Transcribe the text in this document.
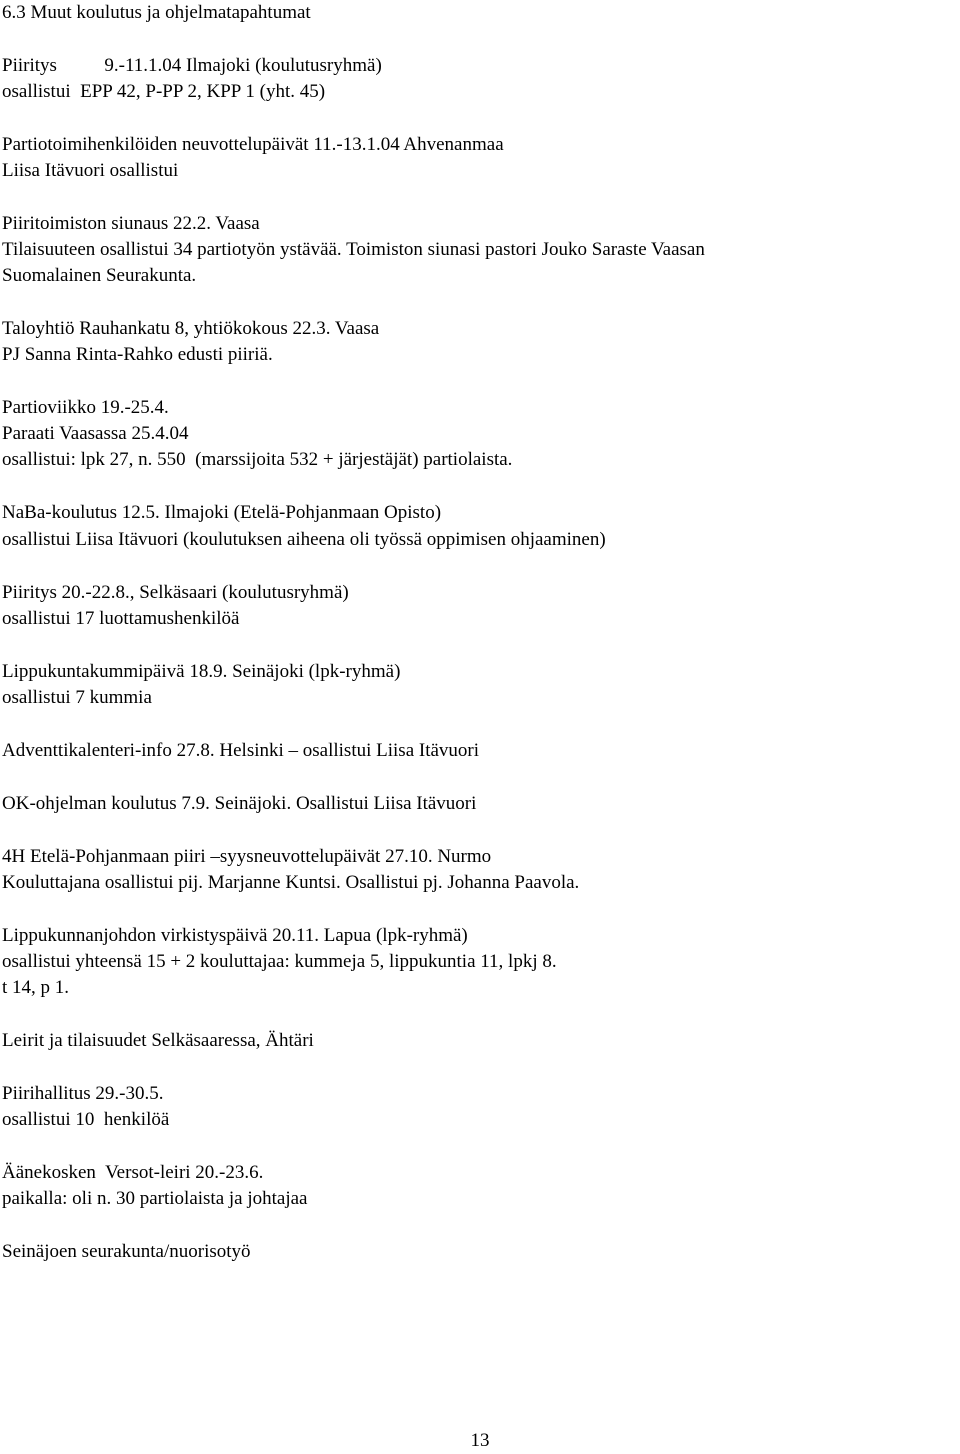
6.3 Muut koulutus ja ohjelmatapahtumat
Piiritys          9.-11.1.04 Ilmajoki (koulutusryhmä)
osallistui  EPP 42, P-PP 2, KPP 1 (yht. 45)
Partiotoimihenkilöiden neuvottelupäivät 11.-13.1.04 Ahvenanmaa
Liisa Itävuori osallistui
Piiritoimiston siunaus 22.2. Vaasa
Tilaisuuteen osallistui 34 partiotyön ystävää. Toimiston siunasi pastori Jouko Saraste Vaasan
Suomalainen Seurakunta.
Taloyhtiö Rauhankatu 8, yhtiökokous 22.3. Vaasa
PJ Sanna Rinta-Rahko edusti piiriä.
Partioviikko 19.-25.4.
Paraati Vaasassa 25.4.04
osallistui: lpk 27, n. 550  (marssijoita 532 + järjestäjät) partiolaista.
NaBa-koulutus 12.5. Ilmajoki (Etelä-Pohjanmaan Opisto)
osallistui Liisa Itävuori (koulutuksen aiheena oli työssä oppimisen ohjaaminen)
Piiritys 20.-22.8., Selkäsaari (koulutusryhmä)
osallistui 17 luottamushenkilöä
Lippukuntakummipäivä 18.9. Seinäjoki (lpk-ryhmä)
osallistui 7 kummia
Adventtikalenteri-info 27.8. Helsinki – osallistui Liisa Itävuori
OK-ohjelman koulutus 7.9. Seinäjoki. Osallistui Liisa Itävuori
4H Etelä-Pohjanmaan piiri –syysneuvottelupäivät 27.10. Nurmo
Kouluttajana osallistui pij. Marjanne Kuntsi. Osallistui pj. Johanna Paavola.
Lippukunnanjohdon virkistyspäivä 20.11. Lapua (lpk-ryhmä)
osallistui yhteensä 15 + 2 kouluttajaa: kummeja 5, lippukuntia 11, lpkj 8.
t 14, p 1.
Leirit ja tilaisuudet Selkäsaaressa, Ähtäri
Piirihallitus 29.-30.5.
osallistui 10  henkilöä
Äänekosken  Versot-leiri 20.-23.6.
paikalla: oli n. 30 partiolaista ja johtajaa
Seinäjoen seurakunta/nuorisotyö
13
